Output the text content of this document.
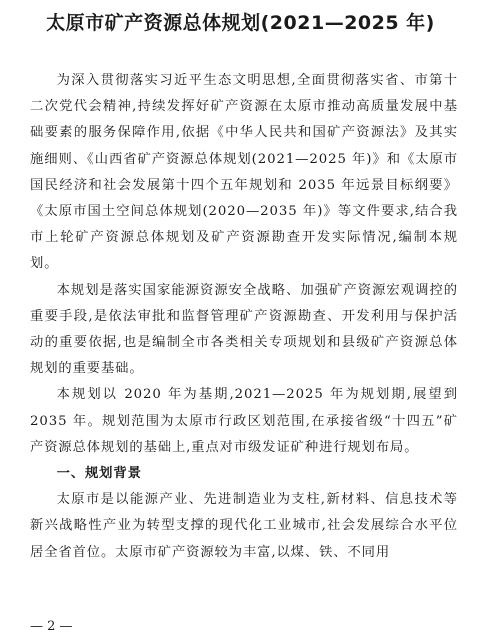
太原市矿产资源总体规划(2021—2025 年)

为深入贯彻落实习近平生态文明思想,全面贯彻落实省、市第十二次党代会精神,持续发挥好矿产资源在太原市推动高质量发展中基础要素的服务保障作用,依据《中华人民共和国矿产资源法》及其实施细则、《山西省矿产资源总体规划(2021—2025 年)》和《太原市国民经济和社会发展第十四个五年规划和 2035 年远景目标纲要》《太原市国土空间总体规划(2020—2035 年)》等文件要求,结合我市上轮矿产资源总体规划及矿产资源勘查开发实际情况,编制本规划。

本规划是落实国家能源资源安全战略、加强矿产资源宏观调控的重要手段,是依法审批和监督管理矿产资源勘查、开发利用与保护活动的重要依据,也是编制全市各类相关专项规划和县级矿产资源总体规划的重要基础。

本规划以 2020 年为基期,2021—2025 年为规划期,展望到 2035 年。规划范围为太原市行政区划范围,在承接省级“十四五”矿产资源总体规划的基础上,重点对市级发证矿种进行规划布局。

一、规划背景

太原市是以能源产业、先进制造业为支柱,新材料、信息技术等新兴战略性产业为转型支撑的现代化工业城市,社会发展综合水平位居全省首位。太原市矿产资源较为丰富,以煤、铁、不同用

— 2 —
